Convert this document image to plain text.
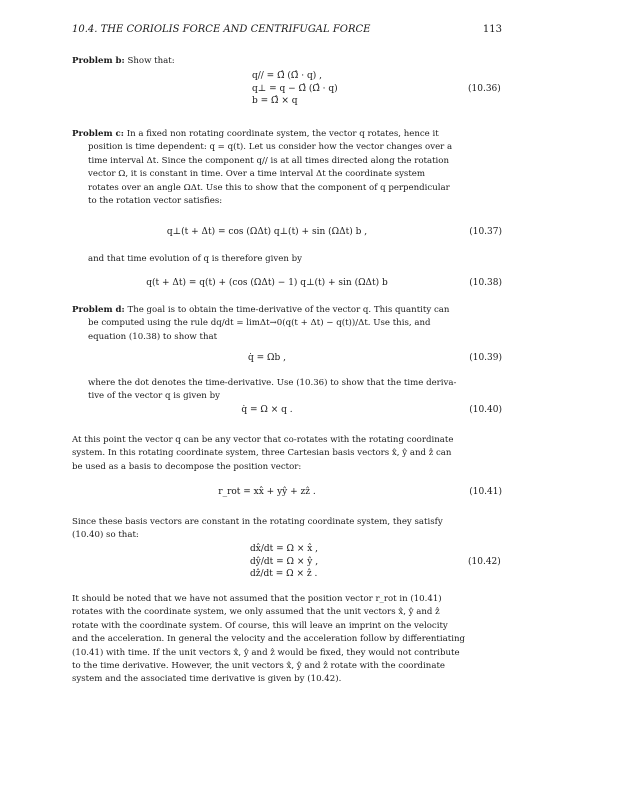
10.4. THE CORIOLIS FORCE AND CENTRIFUGAL FORCE	113

Problem b: Show that:

q// = Ω̂ (Ω̂ · q) ,
q⊥ = q − Ω̂ (Ω̂ · q)
b = Ω̂ × q
(10.36)

Problem c: In a fixed non rotating coordinate system, the vector q rotates, hence it

position is time dependent: q = q(t). Let us consider how the vector changes over a

time interval Δt. Since the component q// is at all times directed along the rotation

vector Ω, it is constant in time. Over a time interval Δt the coordinate system

rotates over an angle ΩΔt. Use this to show that the component of q perpendicular

to the rotation vector satisfies:

q⊥(t + Δt) = cos (ΩΔt) q⊥(t) + sin (ΩΔt) b ,	(10.37)

and that time evolution of q is therefore given by

q(t + Δt) = q(t) + (cos (ΩΔt) − 1) q⊥(t) + sin (ΩΔt) b	(10.38)

Problem d: The goal is to obtain the time-derivative of the vector q. This quantity can

be computed using the rule dq/dt = limΔt→0(q(t + Δt) − q(t))/Δt. Use this, and

equation (10.38) to show that

q̇ = Ωb ,	(10.39)

where the dot denotes the time-derivative. Use (10.36) to show that the time deriva-

tive of the vector q is given by

q̇ = Ω × q .	(10.40)

At this point the vector q can be any vector that co-rotates with the rotating coordinate

system. In this rotating coordinate system, three Cartesian basis vectors x̂, ŷ and ẑ can

be used as a basis to decompose the position vector:

r_rot = xx̂ + yŷ + zẑ .	(10.41)

Since these basis vectors are constant in the rotating coordinate system, they satisfy

(10.40) so that:

dx̂/dt = Ω × x̂ ,
dŷ/dt = Ω × ŷ ,
dẑ/dt = Ω × ẑ .
(10.42)

It should be noted that we have not assumed that the position vector r_rot in (10.41)

rotates with the coordinate system, we only assumed that the unit vectors x̂, ŷ and ẑ

rotate with the coordinate system. Of course, this will leave an imprint on the velocity

and the acceleration. In general the velocity and the acceleration follow by differentiating

(10.41) with time. If the unit vectors x̂, ŷ and ẑ would be fixed, they would not contribute

to the time derivative. However, the unit vectors x̂, ŷ and ẑ rotate with the coordinate

system and the associated time derivative is given by (10.42).
